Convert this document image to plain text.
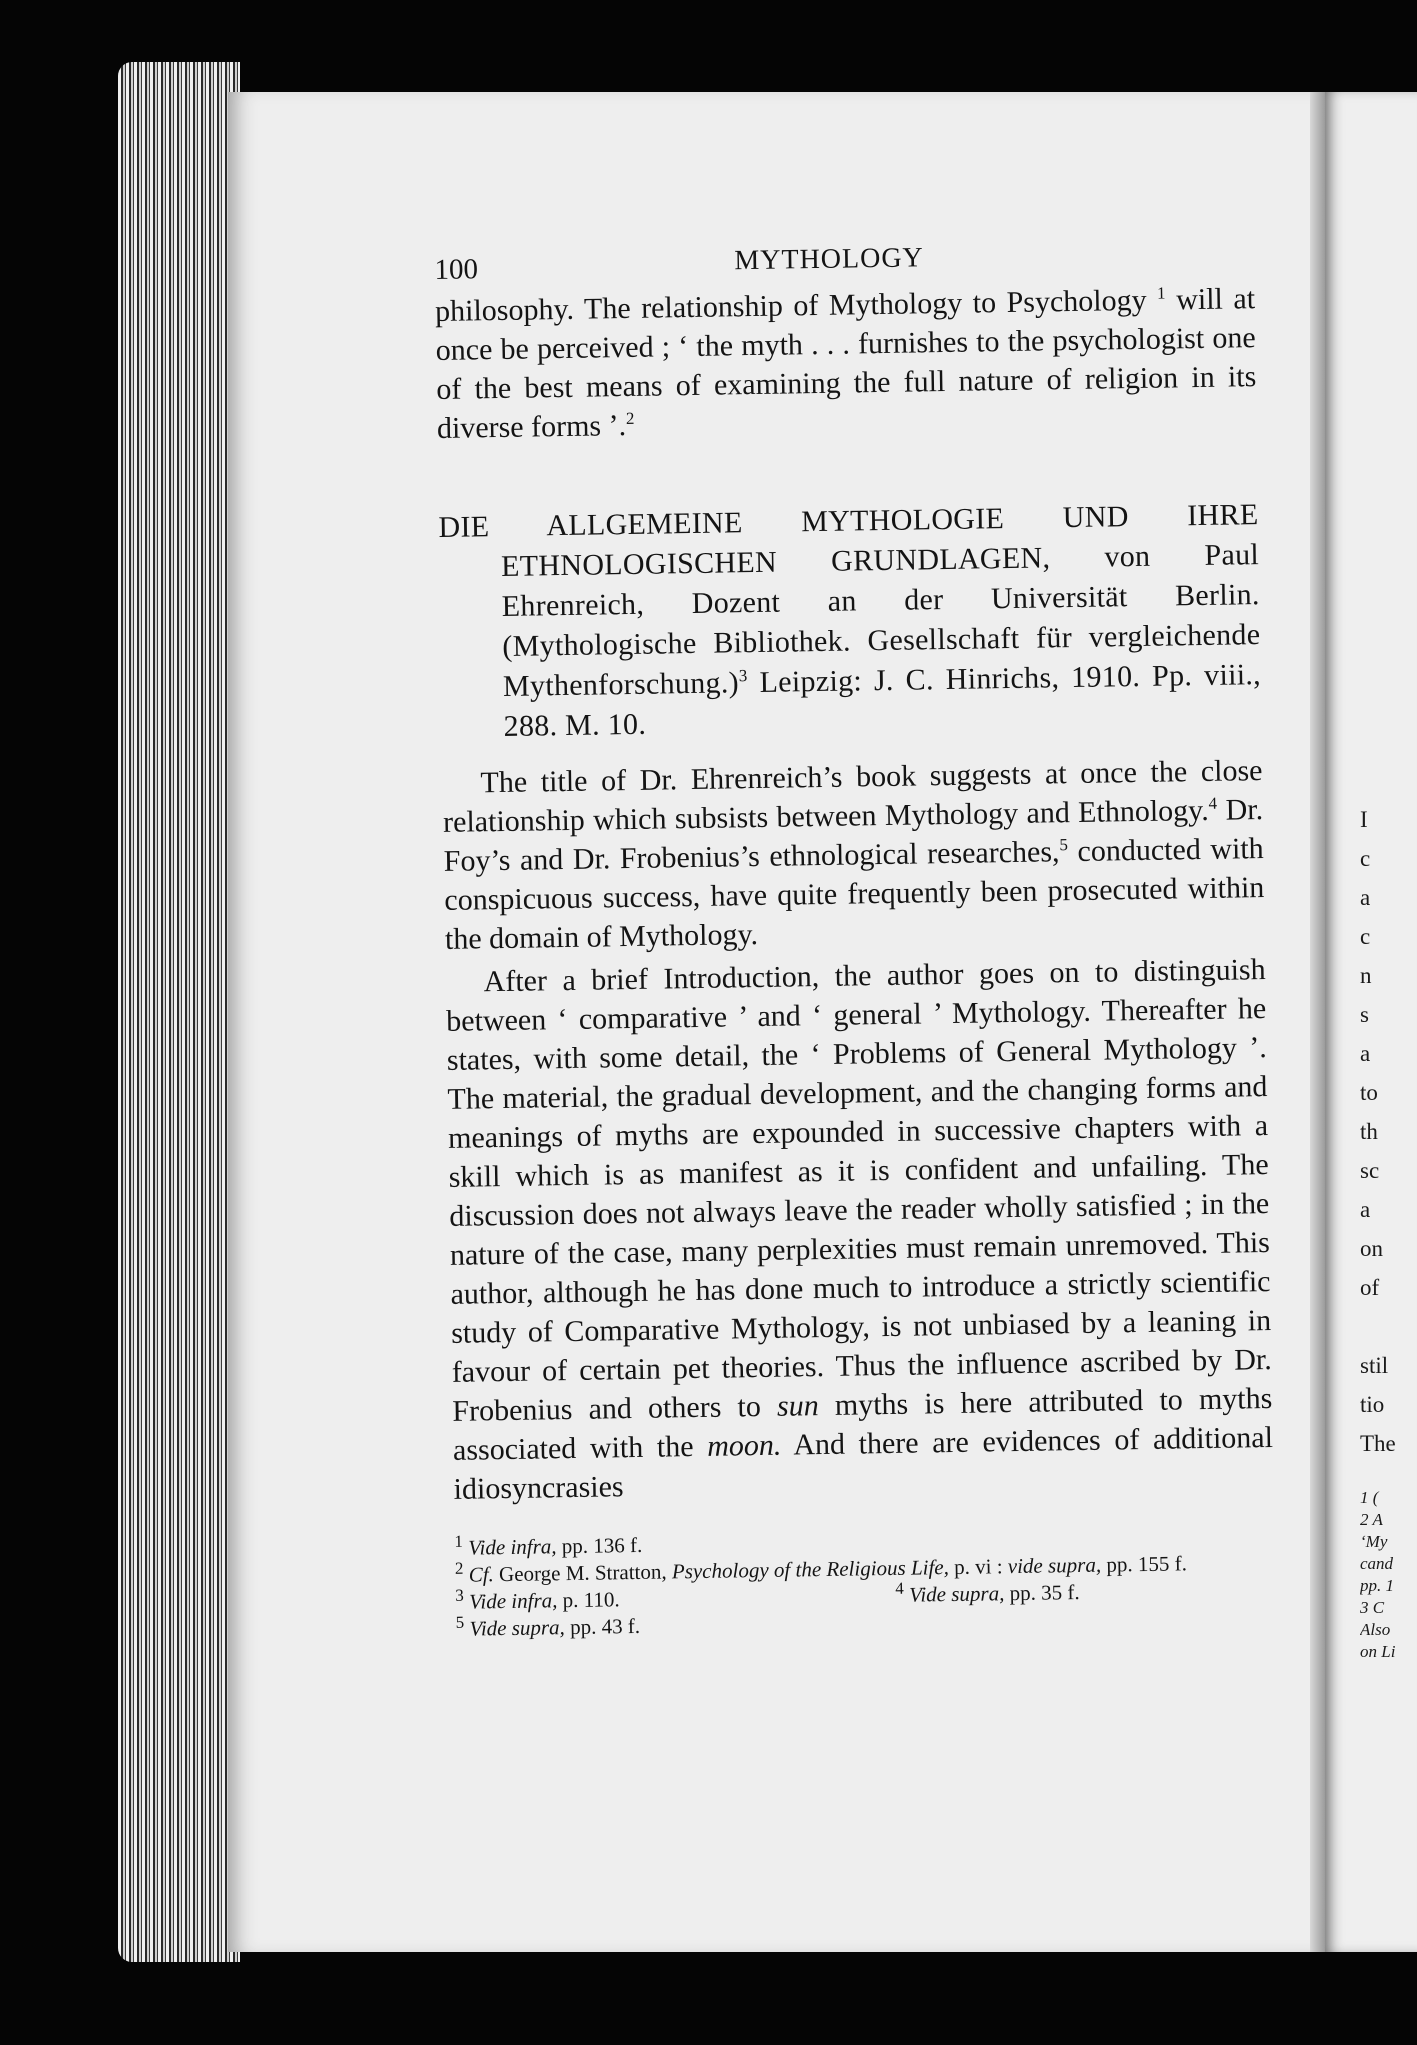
I
c
a
c
n
s
a
to
th
sc
a
on
of

stil
tio
The
1 (
2 A
‘My
cand
pp. 1
3 C
Also
on Li
100	MYTHOLOGY

philosophy. The relationship of Mythology to Psychology $^1$ will at once be perceived ; ‘ the myth . . . furnishes to the psychologist one of the best means of examining the full nature of religion in its diverse forms ’.$^2$

DIE ALLGEMEINE MYTHOLOGIE UND IHRE ETHNOLOGISCHEN GRUNDLAGEN, von Paul Ehrenreich, Dozent an der Universität Berlin. (Mythologische Bibliothek. Gesellschaft für vergleichende Mythenforschung.)$^3$ Leipzig: J. C. Hinrichs, 1910. Pp. viii., 288. M. 10.

The title of Dr. Ehrenreich’s book suggests at once the close relationship which subsists between Mythology and Ethnology.$^4$ Dr. Foy’s and Dr. Frobenius’s ethnological researches,$^5$ conducted with conspicuous success, have quite frequently been prosecuted within the domain of Mythology.

After a brief Introduction, the author goes on to distinguish between ‘ comparative ’ and ‘ general ’ Mythology. Thereafter he states, with some detail, the ‘ Problems of General Mythology ’. The material, the gradual development, and the changing forms and meanings of myths are expounded in successive chapters with a skill which is as manifest as it is confident and unfailing. The discussion does not always leave the reader wholly satisfied ; in the nature of the case, many perplexities must remain unremoved. This author, although he has done much to introduce a strictly scientific study of Comparative Mythology, is not unbiased by a leaning in favour of certain pet theories. Thus the influence ascribed by Dr. Frobenius and others to sun myths is here attributed to myths associated with the moon. And there are evidences of additional idiosyncrasies

$^1$ Vide infra, pp. 136 f.
$^2$ Cf. George M. Stratton, Psychology of the Religious Life, p. vi : vide supra, pp. 155 f.
$^3$ Vide infra, p. 110.	$^4$ Vide supra, pp. 35 f.
$^5$ Vide supra, pp. 43 f.
